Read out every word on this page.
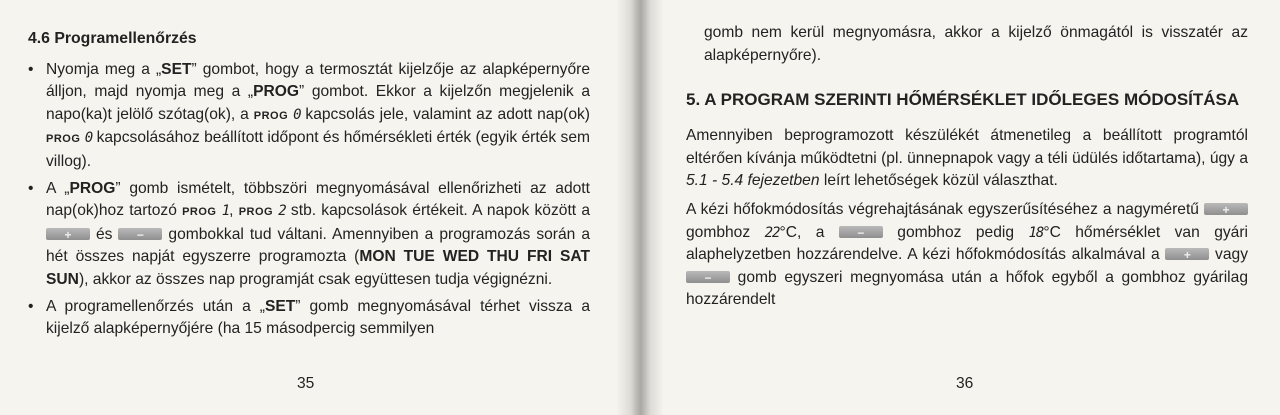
4.6 Programellenőrzés
• Nyomja meg a „SET” gombot, hogy a termosztát kijelzője az alapképernyőre álljon, majd nyomja meg a „PROG” gombot. Ekkor a kijelzőn megjelenik a napo(ka)t jelölő szótag(ok), a PROG 0 kapcsolás jele, valamint az adott nap(ok) PROG 0 kapcsolásához beállított időpont és hőmérsékleti érték (egyik érték sem villog).
• A „PROG” gomb ismételt, többszöri megnyomásával ellenőrizheti az adott nap(ok)hoz tartozó PROG 1, PROG 2 stb. kapcsolások értékeit. A napok között a + és −	gombokkal tud váltani. Amennyiben a programozás során a hét összes napját egyszerre programozta (MON TUE WED THU FRI SAT SUN), akkor az összes nap programját csak együttesen tudja végignézni.
• A programellenőrzés után a „SET” gomb megnyomásával térhet vissza a kijelző alapképernyőjére (ha 15 másodpercig semmilyen
35
gomb nem kerül megnyomásra, akkor a kijelző önmagától is visszatér az alapképernyőre).
5. A PROGRAM SZERINTI HŐMÉRSÉKLET IDŐLEGES MÓDOSÍTÁSA
Amennyiben beprogramozott készülékét átmenetileg a beállított programtól eltérően kívánja működtetni (pl. ünnepnapok vagy a téli üdülés időtartama), úgy a 5.1 - 5.4 fejezetben leírt lehetőségek közül választhat.
A kézi hőfokmódosítás végrehajtásának egyszerűsítéséhez a nagyméretű + gombhoz 22°C, a −	gombhoz pedig 18°C hőmérséklet van gyári alaphelyzetben hozzárendelve. A kézi hőfokmódosítás alkalmával a +	vagy − gomb egyszeri megnyomása után a hőfok egyből a gombhoz gyárilag hozzárendelt
36
